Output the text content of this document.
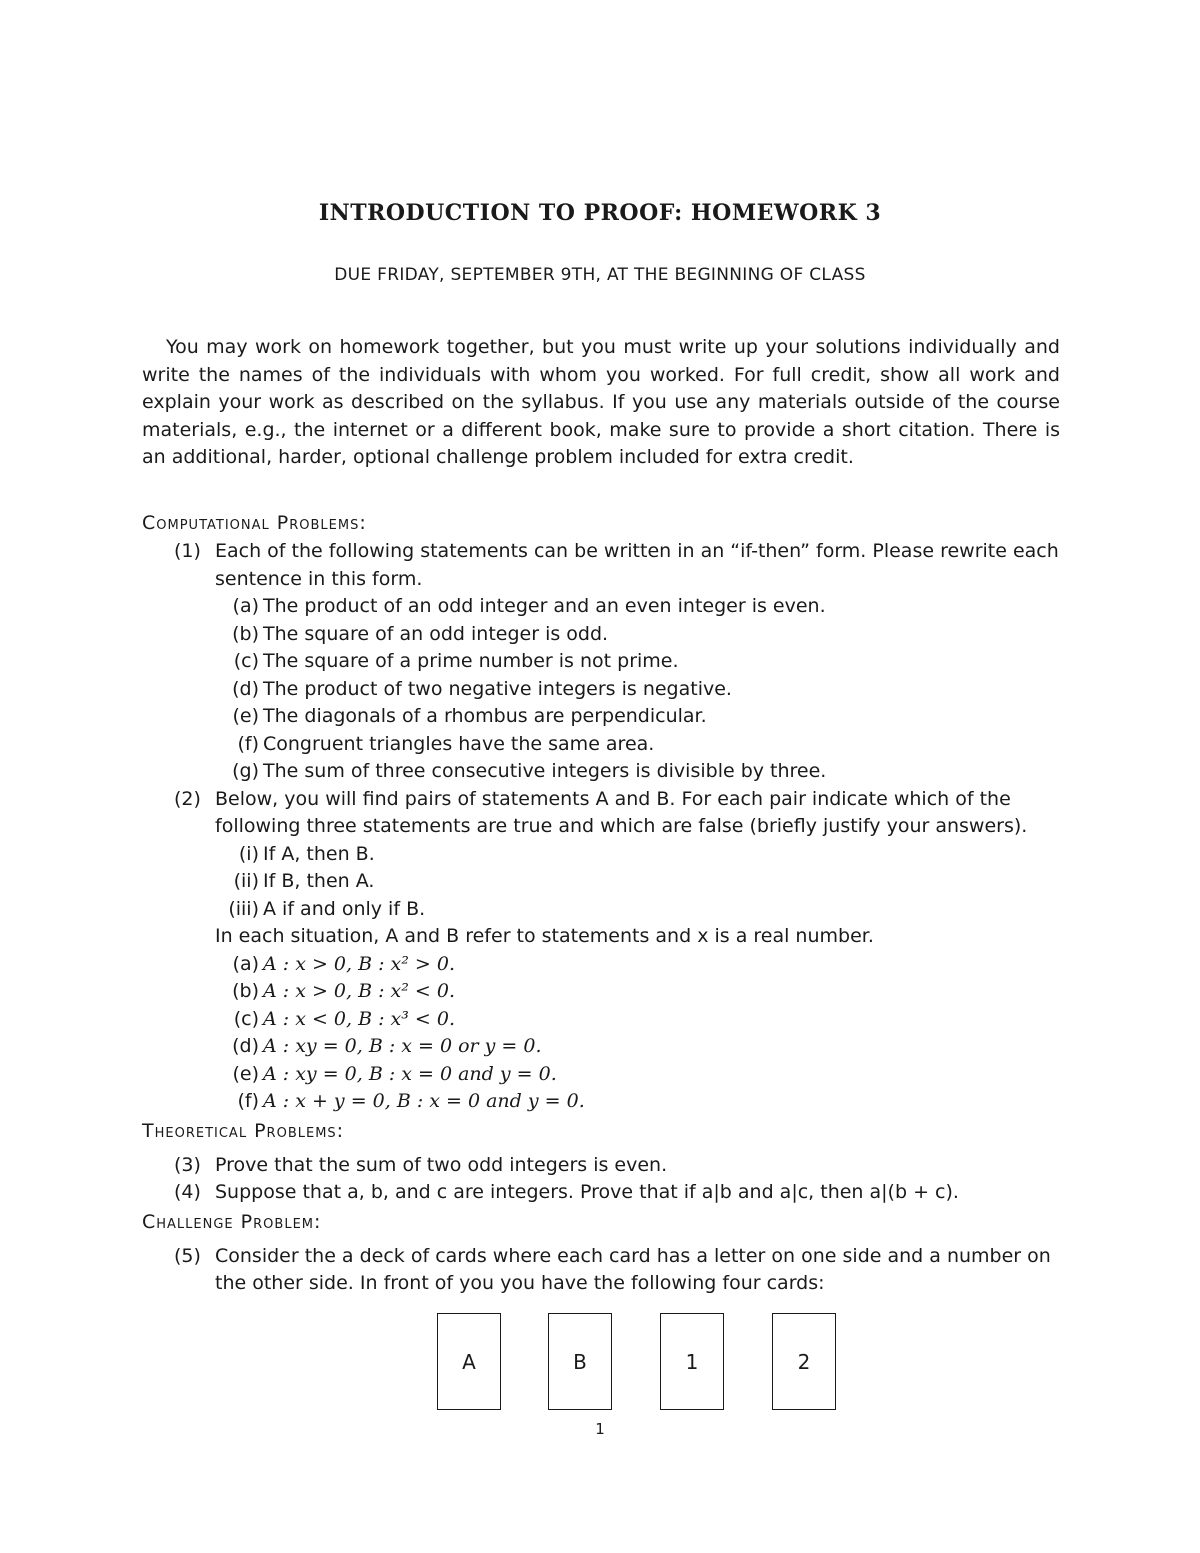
INTRODUCTION TO PROOF: HOMEWORK 3
DUE FRIDAY, SEPTEMBER 9TH, AT THE BEGINNING OF CLASS

You may work on homework together, but you must write up your solutions individually and write the names of the individuals with whom you worked. For full credit, show all work and explain your work as described on the syllabus. If you use any materials outside of the course materials, e.g., the internet or a different book, make sure to provide a short citation. There is an additional, harder, optional challenge problem included for extra credit.

Computational Problems:

(1) Each of the following statements can be written in an “if-then” form. Please rewrite each sentence in this form.
(a) The product of an odd integer and an even integer is even.
(b) The square of an odd integer is odd.
(c) The square of a prime number is not prime.
(d) The product of two negative integers is negative.
(e) The diagonals of a rhombus are perpendicular.
(f) Congruent triangles have the same area.
(g) The sum of three consecutive integers is divisible by three.
(2) Below, you will find pairs of statements A and B. For each pair indicate which of the following three statements are true and which are false (briefly justify your answers).
(i) If A, then B.
(ii) If B, then A.
(iii) A if and only if B.
In each situation, A and B refer to statements and x is a real number.
(a) A : x > 0, B : x² > 0.
(b) A : x > 0, B : x² < 0.
(c) A : x < 0, B : x³ < 0.
(d) A : xy = 0, B : x = 0 or y = 0.
(e) A : xy = 0, B : x = 0 and y = 0.
(f) A : x + y = 0, B : x = 0 and y = 0.

Theoretical Problems:

(3) Prove that the sum of two odd integers is even.
(4) Suppose that a, b, and c are integers. Prove that if a|b and a|c, then a|(b + c).

Challenge Problem:

(5) Consider the a deck of cards where each card has a letter on one side and a number on the other side. In front of you you have the following four cards:
A	B	1	2
1
